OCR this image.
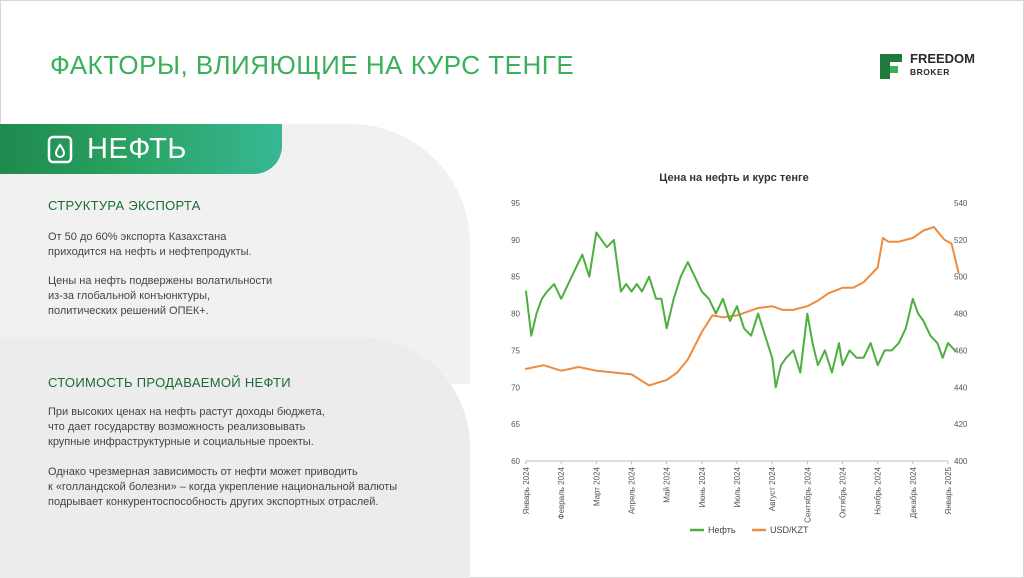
ФАКТОРЫ, ВЛИЯЮЩИЕ НА КУРС ТЕНГЕ	FREEDOM
BROKER
НЕФТЬ
СТРУКТУРА ЭКСПОРТА
От 50 до 60% экспорта Казахстана
приходится на нефть и нефтепродукты.
Цены на нефть подвержены волатильности
из-за глобальной конъюнктуры,
политических решений ОПЕК+.
СТОИМОСТЬ ПРОДАВАЕМОЙ НЕФТИ
При высоких ценах на нефть растут доходы бюджета,
что дает государству возможность реализовывать
крупные инфраструктурные и социальные проекты.
Однако чрезмерная зависимость от нефти может приводить
к «голландской болезни» – когда укрепление национальной валюты
подрывает конкурентоспособность других экспортных отраслей.
Цена на нефть и курс тенге
60
65
70
75
80
85
90
95
400
420
440
460
480
500
520
540
Январь 2024	Февраль 2024	Март 2024	Апрель 2024	Май 2024	Июнь 2024	Июль 2024	Август 2024	Сентябрь 2024	Октябрь 2024	Ноябрь 2024	Декабрь 2024	Январь 2025
Нефть	USD/KZT
